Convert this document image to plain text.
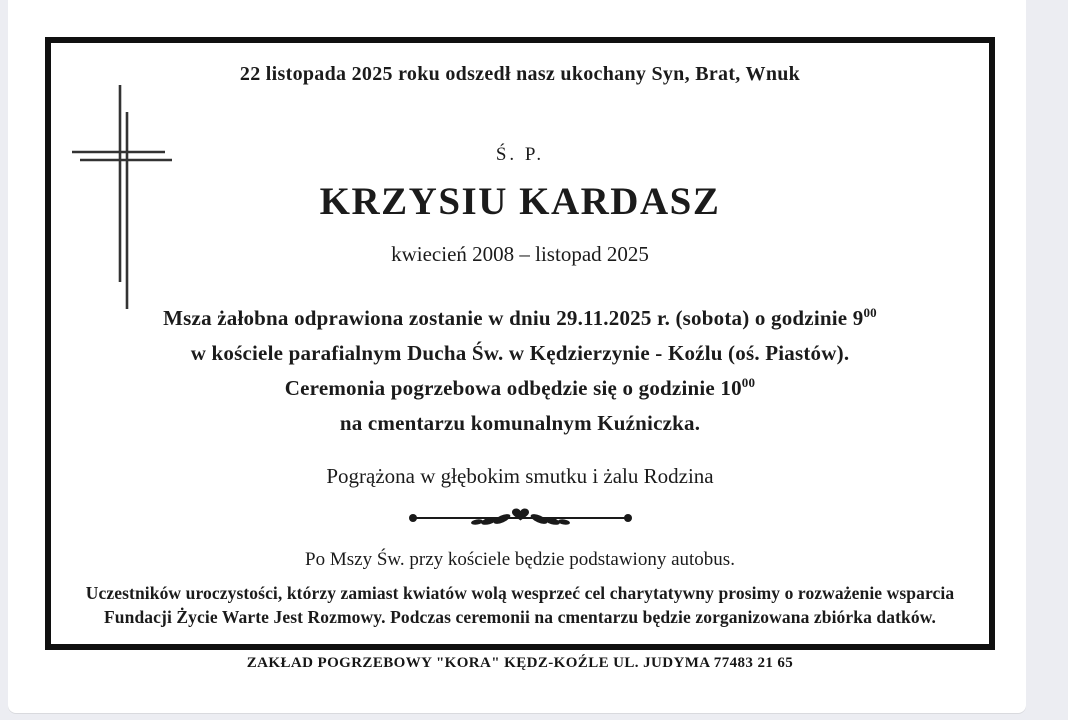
22 listopada 2025 roku odszedł nasz ukochany Syn, Brat, Wnuk
Ś. P.
KRZYSIU KARDASZ
kwiecień 2008 – listopad 2025
Msza żałobna odprawiona zostanie w dniu 29.11.2025 r. (sobota) o godzinie $9^{00}$
w kościele parafialnym Ducha Św. w Kędzierzynie - Koźlu (oś. Piastów).
Ceremonia pogrzebowa odbędzie się o godzinie $10^{00}$
na cmentarzu komunalnym Kuźniczka.
Pogrążona w głębokim smutku i żalu Rodzina
Po Mszy Św. przy kościele będzie podstawiony autobus.
Uczestników uroczystości, którzy zamiast kwiatów wolą wesprzeć cel charytatywny prosimy o rozważenie wsparcia
Fundacji Życie Warte Jest Rozmowy. Podczas ceremonii na cmentarzu będzie zorganizowana zbiórka datków.
ZAKŁAD POGRZEBOWY "KORA" KĘDZ-KOŹLE UL. JUDYMA 77483 21 65
